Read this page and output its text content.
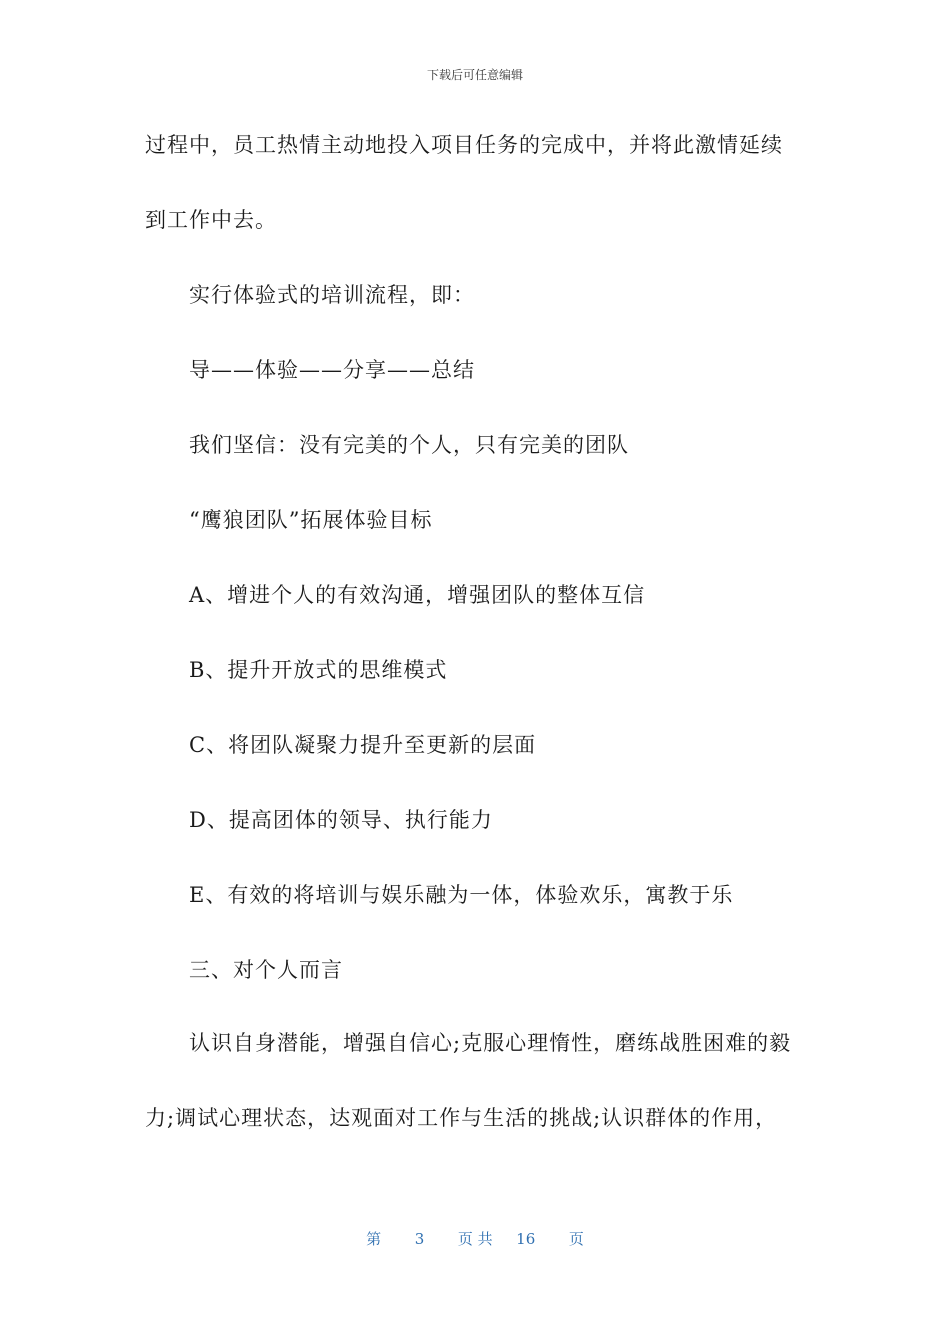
下载后可任意编辑
过程中，员工热情主动地投入项目任务的完成中，并将此激情延续
到工作中去。
实行体验式的培训流程，即：
导——体验——分享——总结
我们坚信：没有完美的个人，只有完美的团队
“鹰狼团队”拓展体验目标
A、增进个人的有效沟通，增强团队的整体互信
B、提升开放式的思维模式
C、将团队凝聚力提升至更新的层面
D、提高团体的领导、执行能力
E、有效的将培训与娱乐融为一体，体验欢乐，寓教于乐
三、对个人而言
认识自身潜能，增强自信心;克服心理惰性，磨练战胜困难的毅
力;调试心理状态，达观面对工作与生活的挑战;认识群体的作用，
第 3 页 共 16 页
